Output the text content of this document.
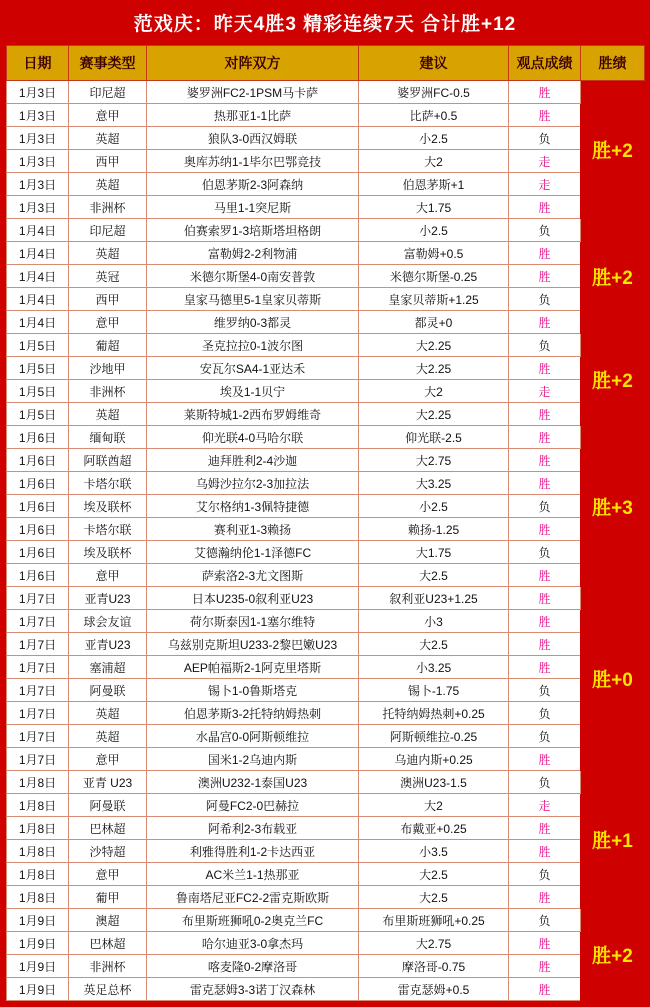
范戏庆：昨天4胜3 精彩连续7天 合计胜+12
日期	赛事类型	对阵双方	建议	观点成绩	胜绩
1月3日	印尼超	婆罗洲FC2-1PSM马卡萨	婆罗洲FC-0.5	胜	胜+2
1月3日	意甲	热那亚1-1比萨	比萨+0.5	胜	
1月3日	英超	狼队3-0西汉姆联	小2.5	负	
1月3日	西甲	奥库苏纳1-1毕尔巴鄂竞技	大2	走	
1月3日	英超	伯恩茅斯2-3阿森纳	伯恩茅斯+1	走	
1月3日	非洲杯	马里1-1突尼斯	大1.75	胜	
1月4日	印尼超	伯赛索罗1-3培斯塔坦格朗	小2.5	负	胜+2
1月4日	英超	富勒姆2-2利物浦	富勒姆+0.5	胜	
1月4日	英冠	米德尔斯堡4-0南安普敦	米德尔斯堡-0.25	胜	
1月4日	西甲	皇家马德里5-1皇家贝蒂斯	皇家贝蒂斯+1.25	负	
1月4日	意甲	维罗纳0-3都灵	都灵+0	胜	
1月5日	葡超	圣克拉拉0-1波尔图	大2.25	负	胜+2
1月5日	沙地甲	安瓦尔SA4-1亚达禾	大2.25	胜	
1月5日	非洲杯	埃及1-1贝宁	大2	走	
1月5日	英超	莱斯特城1-2西布罗姆维奇	大2.25	胜	
1月6日	缅甸联	仰光联4-0马哈尔联	仰光联-2.5	胜	胜+3
1月6日	阿联酋超	迪拜胜利2-4沙迦	大2.75	胜	
1月6日	卡塔尔联	乌姆沙拉尔2-3加拉法	大3.25	胜	
1月6日	埃及联杯	艾尔格纳1-3佩特捷德	小2.5	负	
1月6日	卡塔尔联	赛利亚1-3赖扬	赖扬-1.25	胜	
1月6日	埃及联杯	艾德瀚纳伦1-1泽德FC	大1.75	负	
1月6日	意甲	萨索洛2-3尤文图斯	大2.5	胜	
1月7日	亚青U23	日本U235-0叙利亚U23	叙利亚U23+1.25	胜	胜+0
1月7日	球会友谊	荷尔斯泰因1-1塞尔维特	小3	胜	
1月7日	亚青U23	乌兹别克斯坦U233-2黎巴嫩U23	大2.5	胜	
1月7日	塞浦超	AEP帕福斯2-1阿克里塔斯	小3.25	胜	
1月7日	阿曼联	锡卜1-0鲁斯塔克	锡卜-1.75	负	
1月7日	英超	伯恩茅斯3-2托特纳姆热刺	托特纳姆热刺+0.25	负	
1月7日	英超	水晶宫0-0阿斯顿维拉	阿斯顿维拉-0.25	负	
1月7日	意甲	国米1-2乌迪内斯	乌迪内斯+0.25	胜	
1月8日	亚青 U23	澳洲U232-1泰国U23	澳洲U23-1.5	负	胜+1
1月8日	阿曼联	阿曼FC2-0巴赫拉	大2	走	
1月8日	巴林超	阿希利2-3布载亚	布戴亚+0.25	胜	
1月8日	沙特超	利雅得胜利1-2卡达西亚	小3.5	胜	
1月8日	意甲	AC米兰1-1热那亚	大2.5	负	
1月8日	葡甲	鲁南塔尼亚FC2-2雷克斯欧斯	大2.5	胜	
1月9日	澳超	布里斯班狮吼0-2奥克兰FC	布里斯班狮吼+0.25	负	胜+2
1月9日	巴林超	哈尔迪亚3-0拿杰玛	大2.75	胜	
1月9日	非洲杯	喀麦隆0-2摩洛哥	摩洛哥-0.75	胜	
1月9日	英足总杯	雷克瑟姆3-3诺丁汉森林	雷克瑟姆+0.5	胜	
